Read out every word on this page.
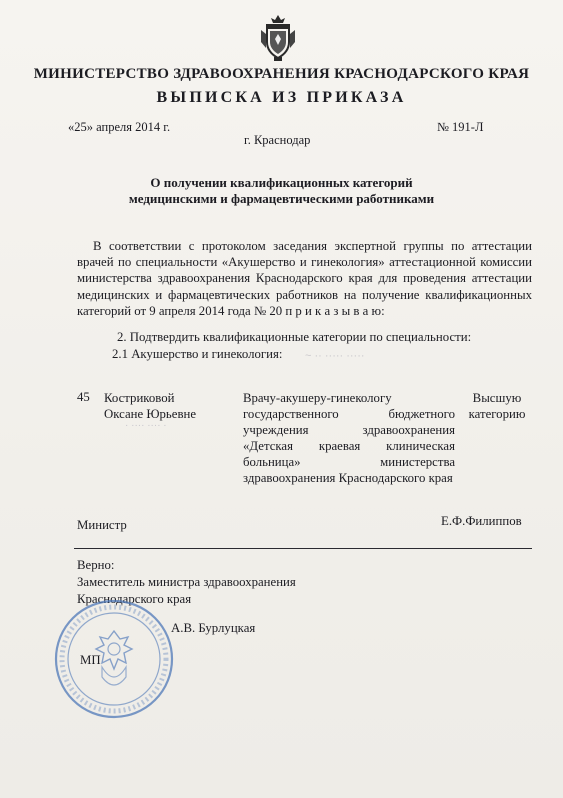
МИНИСТЕРСТВО ЗДРАВООХРАНЕНИЯ КРАСНОДАРСКОГО КРАЯ
ВЫПИСКА ИЗ ПРИКАЗА
«25» апреля 2014 г.	№ 191-Л
г. Краснодар
О получении квалификационных категорий
медицинскими и фармацевтическими работниками

В соответствии с протоколом заседания экспертной группы по аттестации врачей по специальности «Акушерство и гинекология» аттестационной комиссии министерства здравоохранения Краснодарского края для проведения аттестации медицинских и фармацевтических работников на получение квалификационных категорий от 9 апреля 2014 года № 20 п р и к а з ы в а ю:

2. Подтвердить квалификационные категории по специальности:
2.1 Акушерство и гинекология: ~ ·· ····· ·····
· ···· ···· ·
45 Костриковой
Оксане Юрьевне
Врачу-акушеру-гинекологу государственного бюджетного учреждения здравоохранения «Детская краевая клиническая больница» министерства здравоохранения Краснодарского края
Высшую
категорию
Министр	Е.Ф.Филиппов
Верно:
Заместитель министра здравоохранения
Краснодарского края
А.В. Бурлуцкая
МП
